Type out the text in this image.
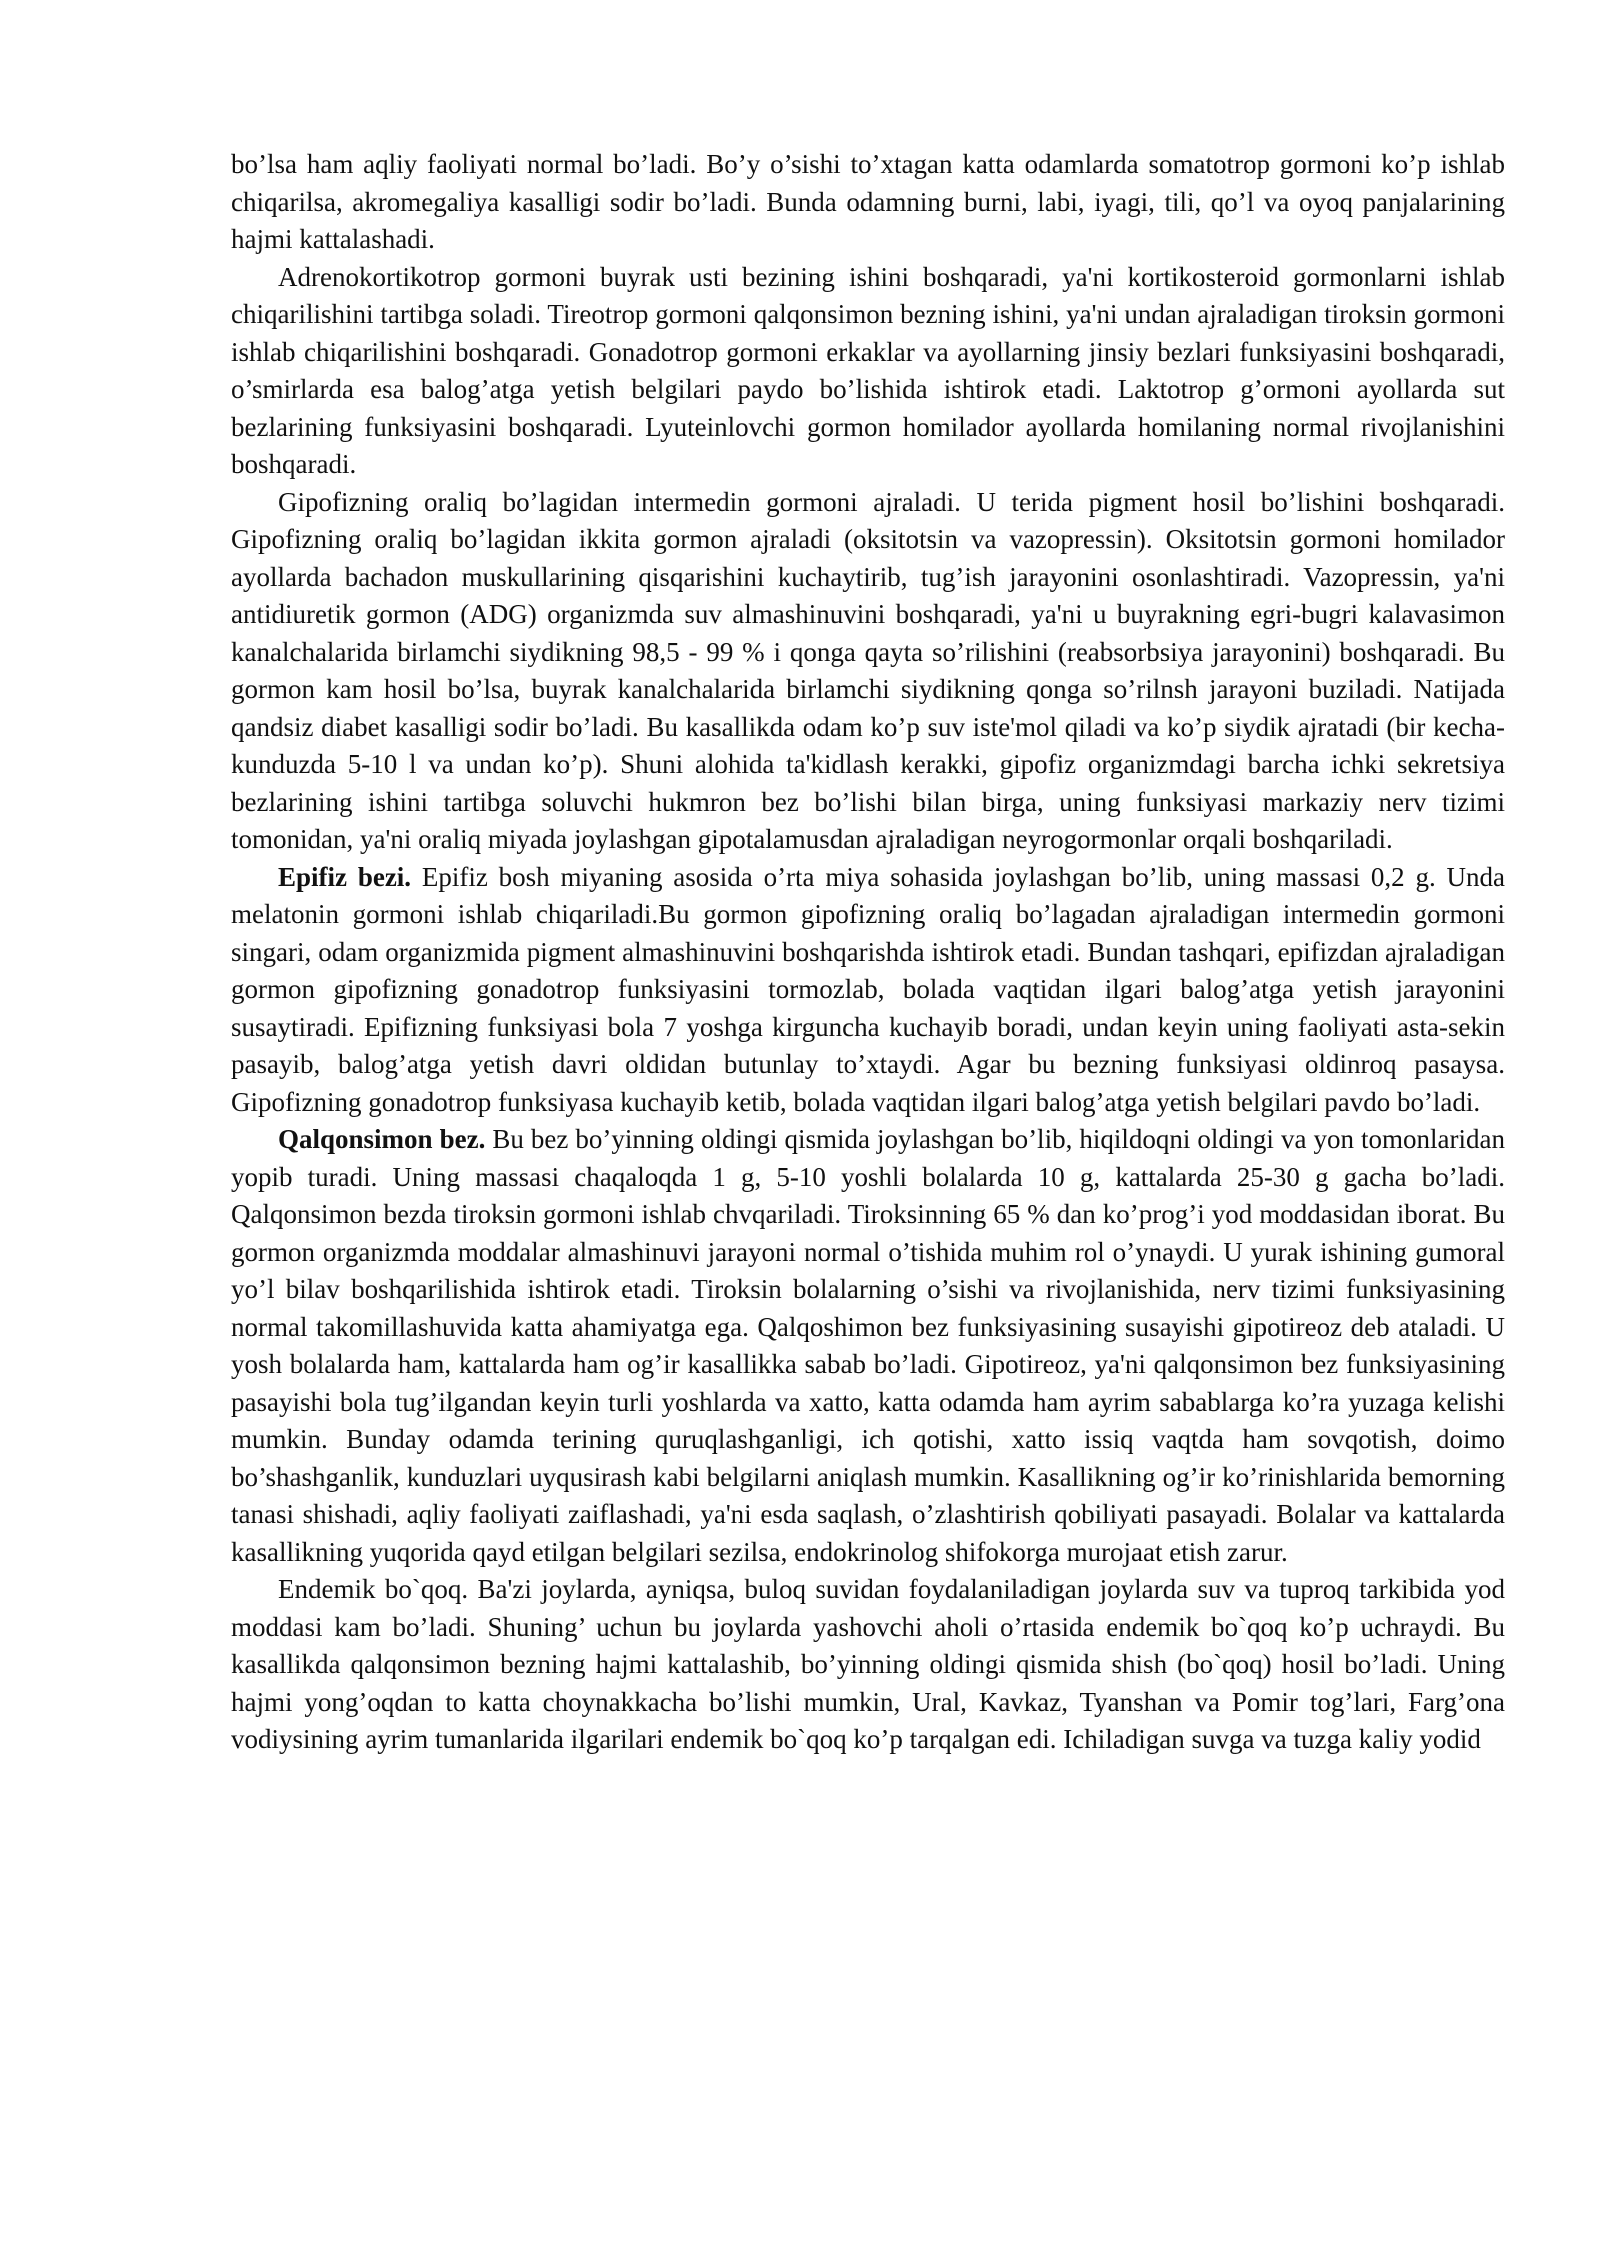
bo’lsa ham aqliy faoliyati normal bo’ladi. Bo’y o’sishi to’xtagan katta odamlarda somatotrop gormoni ko’p ishlab chiqarilsa, akromegaliya kasalligi sodir bo’ladi. Bunda odamning burni, labi, iyagi, tili, qo’l va oyoq panjalarining hajmi kattalashadi.

Adrenokortikotrop gormoni buyrak usti bezining ishini boshqaradi, ya'ni kortikosteroid gormonlarni ishlab chiqarilishini tartibga soladi. Tireotrop gormoni qalqonsimon bezning ishini, ya'ni undan ajraladigan tiroksin gormoni ishlab chiqarilishini boshqaradi. Gonadotrop gormoni erkaklar va ayollarning jinsiy bezlari funksiyasini boshqaradi, o’smirlarda esa balog’atga yetish belgilari paydo bo’lishida ishtirok etadi. Laktotrop g’ormoni ayollarda sut bezlarining funksiyasini boshqaradi. Lyuteinlovchi gormon homilador ayollarda homilaning normal rivojlanishini boshqaradi.

Gipofizning oraliq bo’lagidan intermedin gormoni ajraladi. U terida pigment hosil bo’lishini boshqaradi. Gipofizning oraliq bo’lagidan ikkita gormon ajraladi (oksitotsin va vazopressin). Oksitotsin gormoni homilador ayollarda bachadon muskullarining qisqarishini kuchaytirib, tug’ish jarayonini osonlashtiradi. Vazopressin, ya'ni antidiuretik gormon (ADG) organizmda suv almashinuvini boshqaradi, ya'ni u buyrakning egri-bugri kalavasimon kanalchalarida birlamchi siydikning 98,5 - 99 % i qonga qayta so’rilishini (reabsorbsiya jarayonini) boshqaradi. Bu gormon kam hosil bo’lsa, buyrak kanalchalarida birlamchi siydikning qonga so’rilnsh jarayoni buziladi. Natijada qandsiz diabet kasalligi sodir bo’ladi. Bu kasallikda odam ko’p suv iste'mol qiladi va ko’p siydik ajratadi (bir kecha-kunduzda 5-10 l va undan ko’p). Shuni alohida ta'kidlash kerakki, gipofiz organizmdagi barcha ichki sekretsiya bezlarining ishini tartibga soluvchi hukmron bez bo’lishi bilan birga, uning funksiyasi markaziy nerv tizimi tomonidan, ya'ni oraliq miyada joylashgan gipotalamusdan ajraladigan neyrogormonlar orqali boshqariladi.

Epifiz bezi. Epifiz bosh miyaning asosida o’rta miya sohasida joylashgan bo’lib, uning massasi 0,2 g. Unda melatonin gormoni ishlab chiqariladi.Bu gormon gipofizning oraliq bo’lagadan ajraladigan intermedin gormoni singari, odam organizmida pigment almashinuvini boshqarishda ishtirok etadi. Bundan tashqari, epifizdan ajraladigan gormon gipofizning gonadotrop funksiyasini tormozlab, bolada vaqtidan ilgari balog’atga yetish jarayonini susaytiradi. Epifizning funksiyasi bola 7 yoshga kirguncha kuchayib boradi, undan keyin uning faoliyati asta-sekin pasayib, balog’atga yetish davri oldidan butunlay to’xtaydi. Agar bu bezning funksiyasi oldinroq pasaysa. Gipofizning gonadotrop funksiyasa kuchayib ketib, bolada vaqtidan ilgari balog’atga yetish belgilari pavdo bo’ladi.

Qalqonsimon bez. Bu bez bo’yinning oldingi qismida joylashgan bo’lib, hiqildoqni oldingi va yon tomonlaridan yopib turadi. Uning massasi chaqaloqda 1 g, 5-10 yoshli bolalarda 10 g, kattalarda 25-30 g gacha bo’ladi. Qalqonsimon bezda tiroksin gormoni ishlab chvqariladi. Tiroksinning 65 % dan ko’prog’i yod moddasidan iborat. Bu gormon organizmda moddalar almashinuvi jarayoni normal o’tishida muhim rol o’ynaydi. U yurak ishining gumoral yo’l bilav boshqarilishida ishtirok etadi. Tiroksin bolalarning o’sishi va rivojlanishida, nerv tizimi funksiyasining normal takomillashuvida katta ahamiyatga ega. Qalqoshimon bez funksiyasining susayishi gipotireoz deb ataladi. U yosh bolalarda ham, kattalarda ham og’ir kasallikka sabab bo’ladi. Gipotireoz, ya'ni qalqonsimon bez funksiyasining pasayishi bola tug’ilgandan keyin turli yoshlarda va xatto, katta odamda ham ayrim sabablarga ko’ra yuzaga kelishi mumkin. Bunday odamda terining quruqlashganligi, ich qotishi, xatto issiq vaqtda ham sovqotish, doimo bo’shashganlik, kunduzlari uyqusirash kabi belgilarni aniqlash mumkin. Kasallikning og’ir ko’rinishlarida bemorning tanasi shishadi, aqliy faoliyati zaiflashadi, ya'ni esda saqlash, o’zlashtirish qobiliyati pasayadi. Bolalar va kattalarda kasallikning yuqorida qayd etilgan belgilari sezilsa, endokrinolog shifokorga murojaat etish zarur.

Endemik bo`qoq. Ba'zi joylarda, ayniqsa, buloq suvidan foydalaniladigan joylarda suv va tuproq tarkibida yod moddasi kam bo’ladi. Shuning’ uchun bu joylarda yashovchi aholi o’rtasida endemik bo`qoq ko’p uchraydi. Bu kasallikda qalqonsimon bezning hajmi kattalashib, bo’yinning oldingi qismida shish (bo`qoq) hosil bo’ladi. Uning hajmi yong’oqdan to katta choynakkacha bo’lishi mumkin, Ural, Kavkaz, Tyanshan va Pomir tog’lari, Farg’ona vodiysining ayrim tumanlarida ilgarilari endemik bo`qoq ko’p tarqalgan edi. Ichiladigan suvga va tuzga kaliy yodid
